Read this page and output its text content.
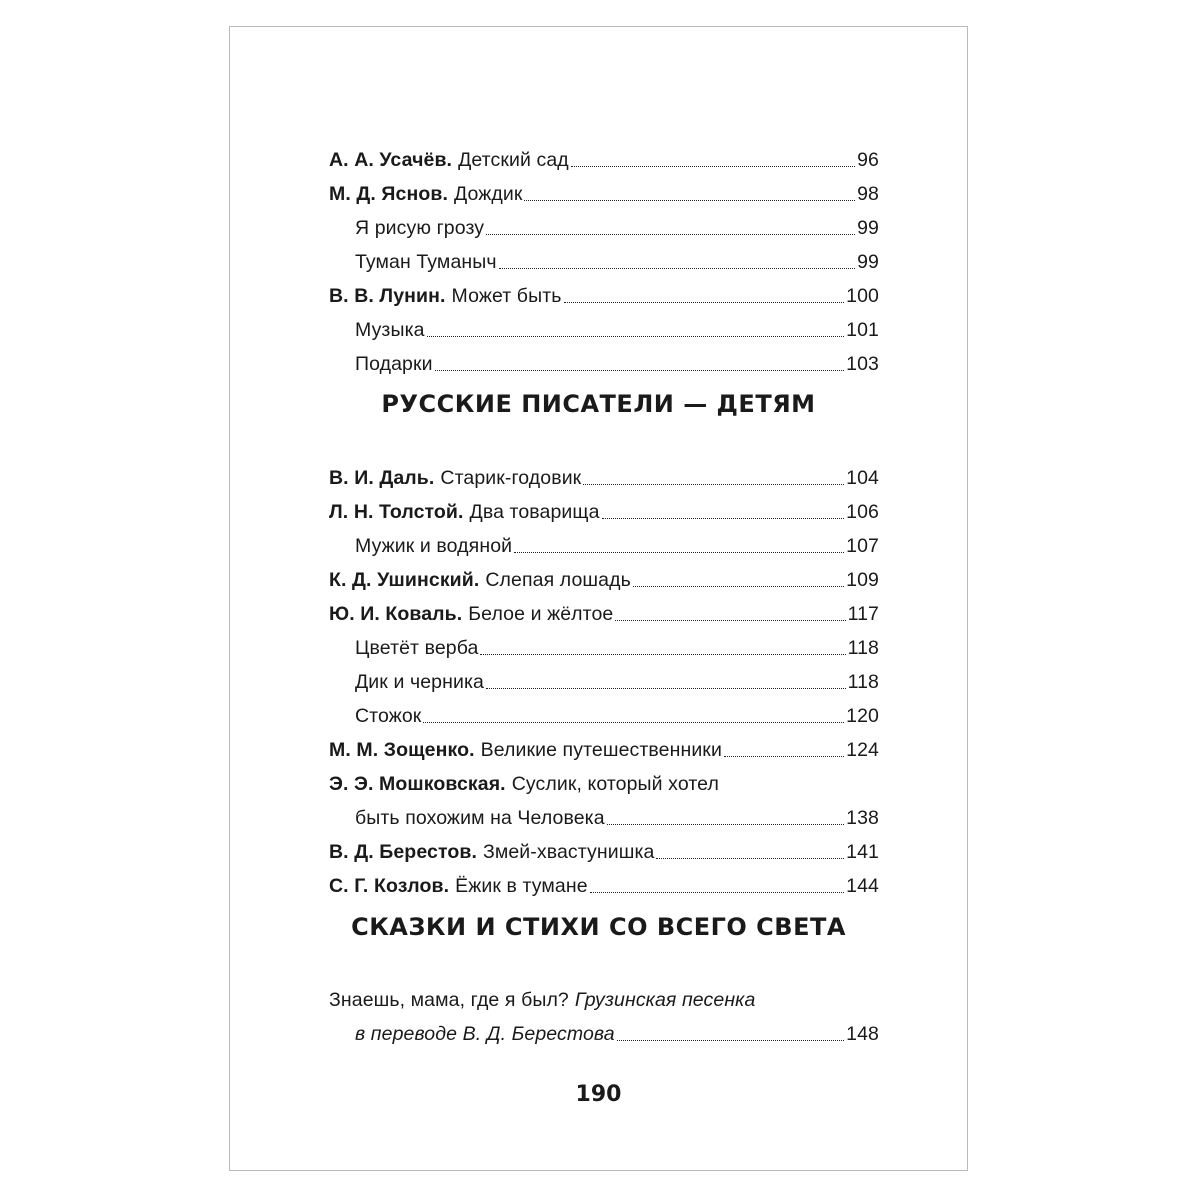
А. А. Усачёв. Детский сад	96
М. Д. Яснов. Дождик	98
Я рисую грозу	99
Туман Туманыч	99
В. В. Лунин. Может быть	100
Музыка	101
Подарки	103
РУССКИЕ ПИСАТЕЛИ — ДЕТЯМ
В. И. Даль. Старик-годовик	104
Л. Н. Толстой. Два товарища	106
Мужик и водяной	107
К. Д. Ушинский. Слепая лошадь	109
Ю. И. Коваль. Белое и жёлтое	117
Цветёт верба	118
Дик и черника	118
Стожок	120
М. М. Зощенко. Великие путешественники	124
Э. Э. Мошковская. Суслик, который хотел
быть похожим на Человека	138
В. Д. Берестов. Змей-хвастунишка	141
С. Г. Козлов. Ёжик в тумане	144
СКАЗКИ И СТИХИ СО ВСЕГО СВЕТА
Знаешь, мама, где я был? Грузинская песенка
в переводе В. Д. Берестова	148
190
